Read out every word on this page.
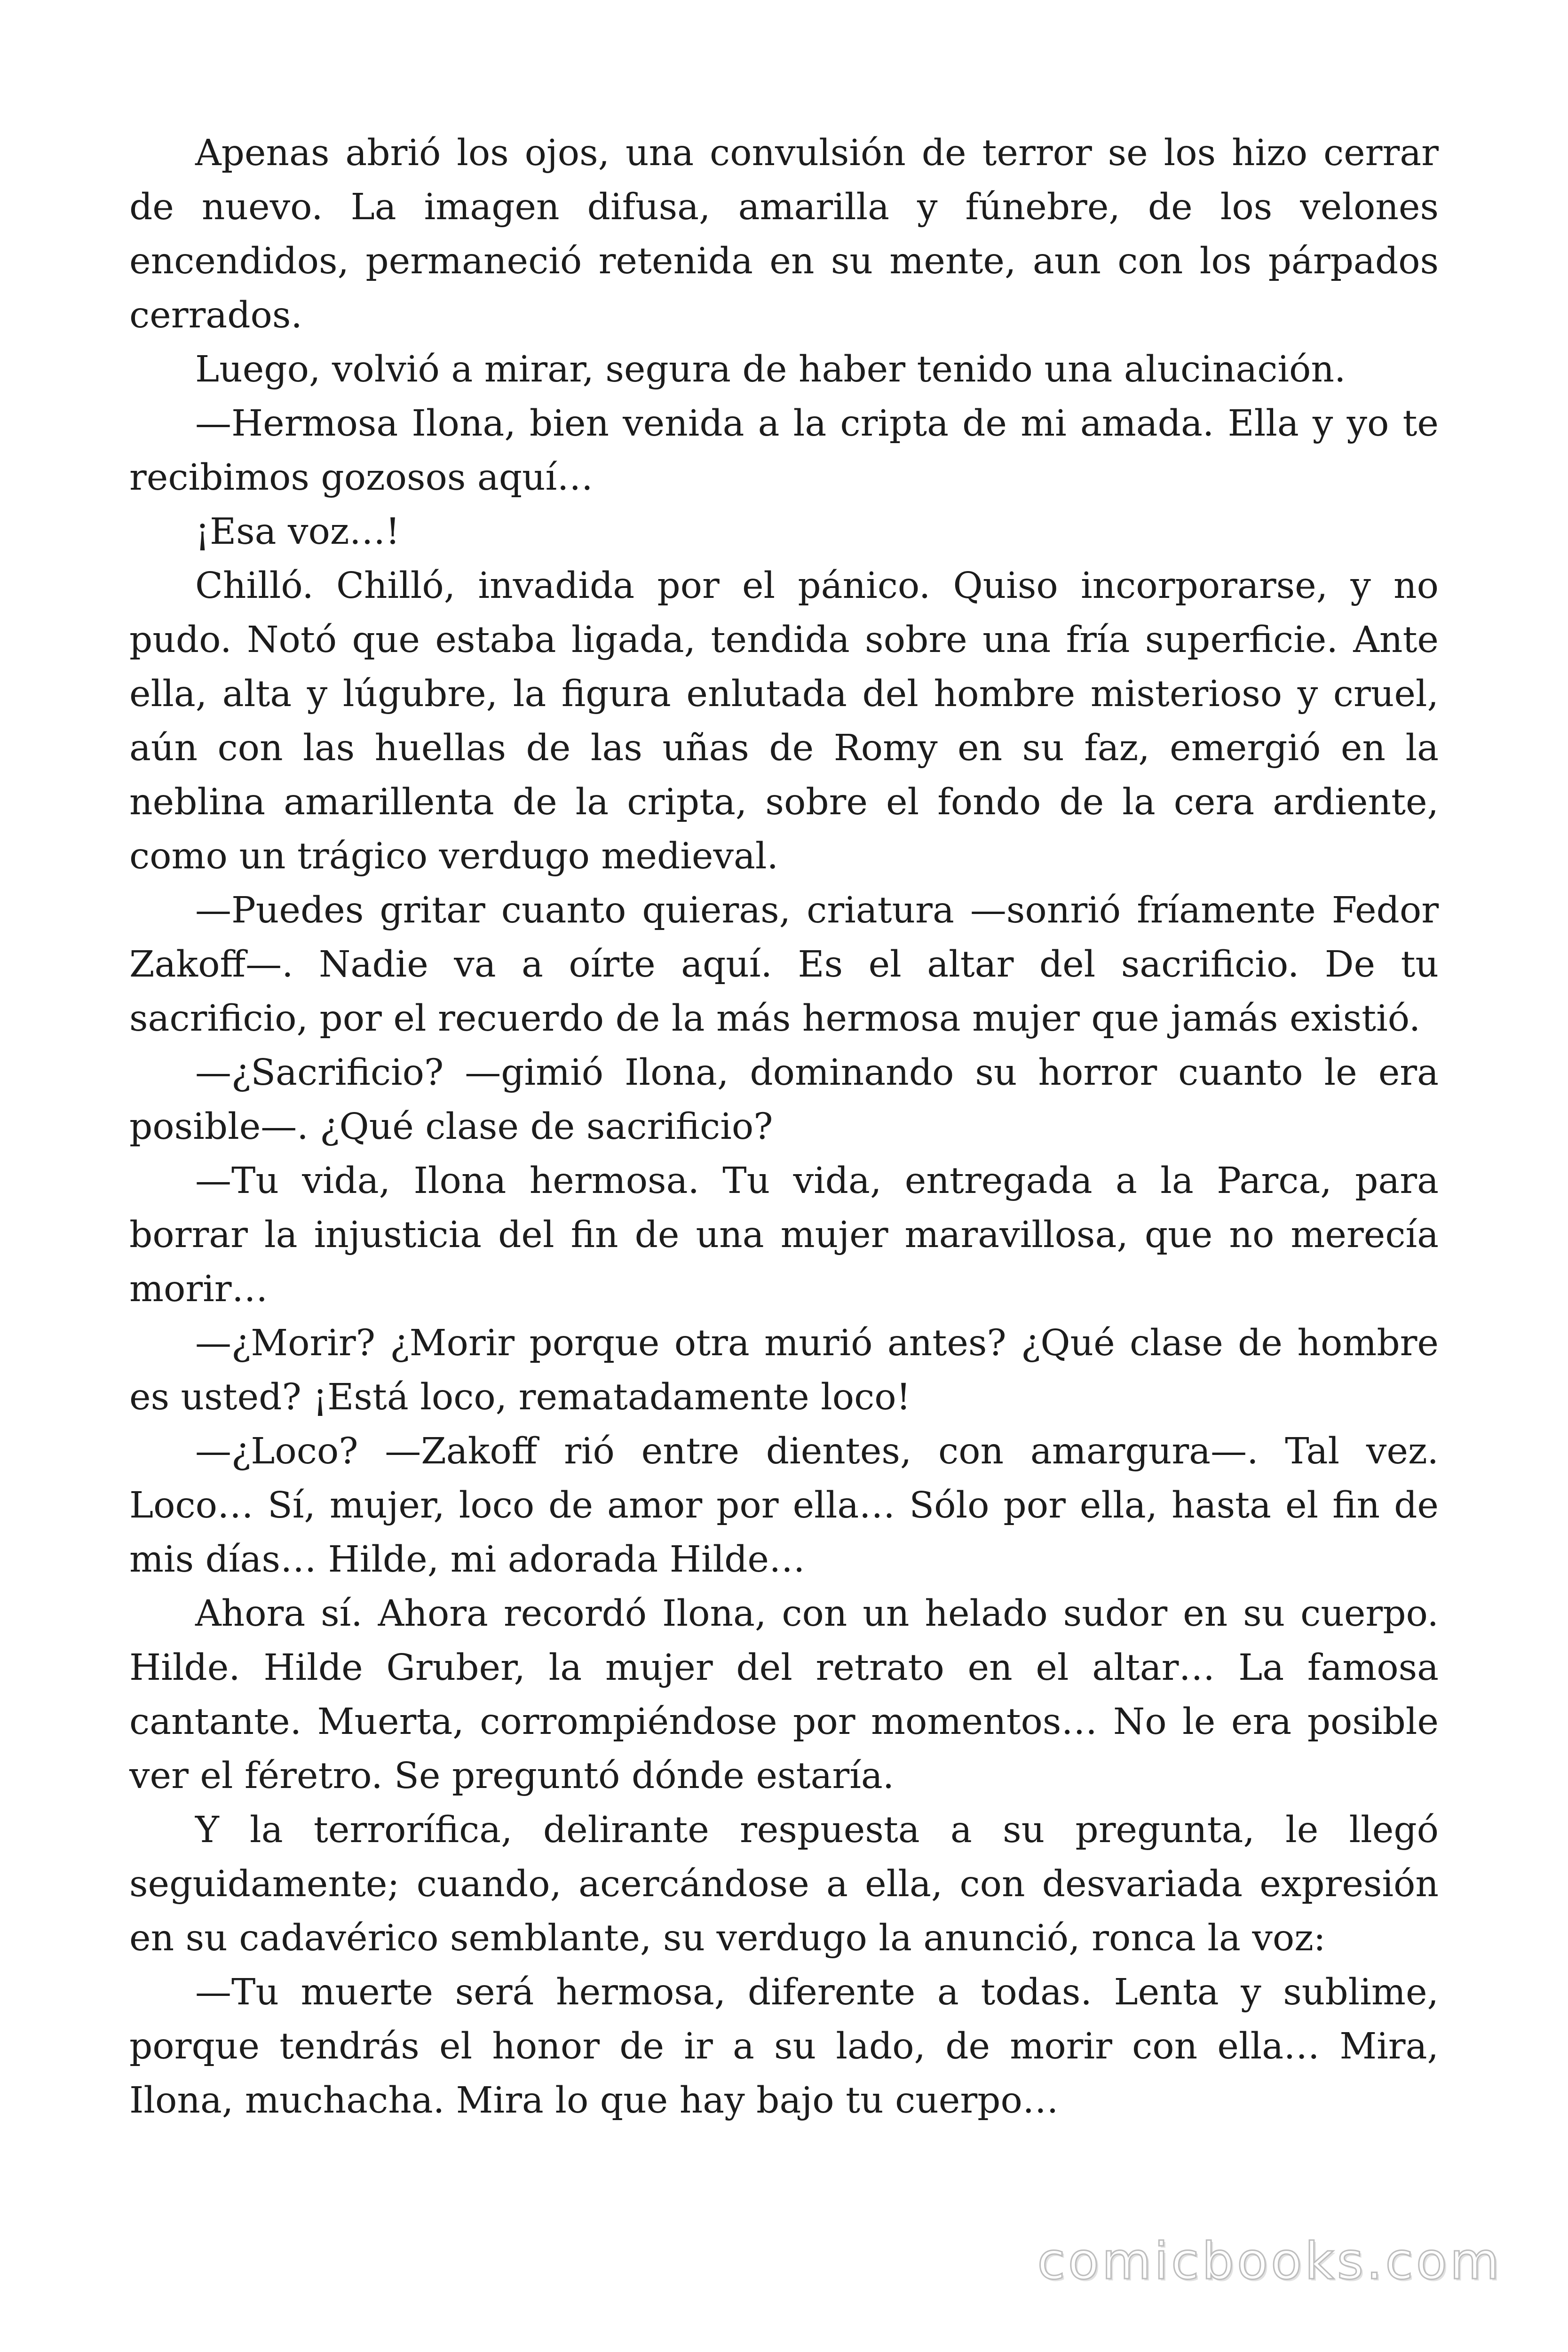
Apenas abrió los ojos, una convulsión de terror se los hizo cerrar de nuevo. La imagen difusa, amarilla y fúnebre, de los velones encendidos, permaneció retenida en su mente, aun con los párpados cerrados.

Luego, volvió a mirar, segura de haber tenido una alucinación.

—Hermosa Ilona, bien venida a la cripta de mi amada. Ella y yo te recibimos gozosos aquí…

¡Esa voz…!

Chilló. Chilló, invadida por el pánico. Quiso incorporarse, y no pudo. Notó que estaba ligada, tendida sobre una fría superficie. Ante ella, alta y lúgubre, la figura enlutada del hombre misterioso y cruel, aún con las huellas de las uñas de Romy en su faz, emergió en la neblina amarillenta de la cripta, sobre el fondo de la cera ardiente, como un trágico verdugo medieval.

—Puedes gritar cuanto quieras, criatura —sonrió fríamente Fedor Zakoff—. Nadie va a oírte aquí. Es el altar del sacrificio. De tu sacrificio, por el recuerdo de la más hermosa mujer que jamás existió.

—¿Sacrificio? —gimió Ilona, dominando su horror cuanto le era posible—. ¿Qué clase de sacrificio?

—Tu vida, Ilona hermosa. Tu vida, entregada a la Parca, para borrar la injusticia del fin de una mujer maravillosa, que no merecía morir…

—¿Morir? ¿Morir porque otra murió antes? ¿Qué clase de hombre es usted? ¡Está loco, rematadamente loco!

—¿Loco? —Zakoff rió entre dientes, con amargura—. Tal vez. Loco… Sí, mujer, loco de amor por ella… Sólo por ella, hasta el fin de mis días… Hilde, mi adorada Hilde…

Ahora sí. Ahora recordó Ilona, con un helado sudor en su cuerpo. Hilde. Hilde Gruber, la mujer del retrato en el altar… La famosa cantante. Muerta, corrompiéndose por momentos… No le era posible ver el féretro. Se preguntó dónde estaría.

Y la terrorífica, delirante respuesta a su pregunta, le llegó seguidamente; cuando, acercándose a ella, con desvariada expresión en su cadavérico semblante, su verdugo la anunció, ronca la voz:

—Tu muerte será hermosa, diferente a todas. Lenta y sublime, porque tendrás el honor de ir a su lado, de morir con ella… Mira, Ilona, muchacha. Mira lo que hay bajo tu cuerpo…

comicbooks.com
